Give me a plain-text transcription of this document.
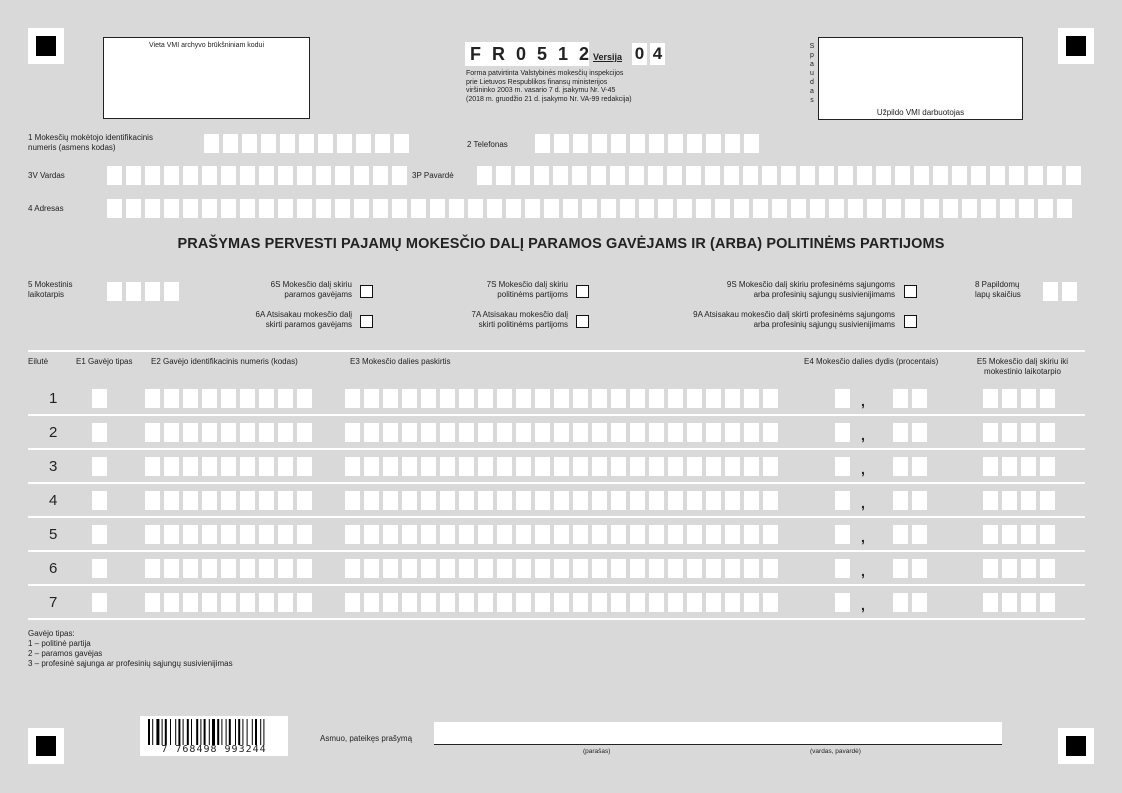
Vieta VMI archyvo brūkšniniam kodui	F R 0 5 1 2 Versija 0 4
Forma patvirtinta Valstybinės mokesčių inspekcijos
prie Lietuvos Respublikos finansų ministerijos
viršininko 2003 m. vasario 7 d. įsakymu Nr. V-45
(2018 m. gruodžio 21 d. įsakymo Nr. VA-99 redakcija)
S
p
a
u
d
a
s
Užpildo VMI darbuotojas
1 Mokesčių mokėtojo identifikacinis
numeris (asmens kodas)	2 Telefonas
3V Vardas	3P Pavardė
4 Adresas
PRAŠYMAS PERVESTI PAJAMŲ MOKESČIO DALĮ PARAMOS GAVĖJAMS IR (ARBA) POLITINĖMS PARTIJOMS
5 Mokestinis
laikotarpis
6S Mokesčio dalį skiriu
paramos gavėjams
6A Atsisakau mokesčio dalį
skirti paramos gavėjams
7S Mokesčio dalį skiriu
politinėms partijoms
7A Atsisakau mokesčio dalį
skirti politinėms partijoms
9S Mokesčio dalį skiriu profesinėms sąjungoms
arba profesinių sąjungų susivienijimams
9A Atsisakau mokesčio dalį skirti profesinėms sąjungoms
arba profesinių sąjungų susivienijimams
8 Papildomų
lapų skaičius
Eilutė	E1 Gavėjo tipas E2 Gavėjo identifikacinis numeris (kodas)	E3 Mokesčio dalies paskirtis	E4 Mokesčio dalies dydis (procentais)	E5 Mokesčio dalį skiriu iki
mokestinio laikotarpio
1	,
2	,
3	,
4	,
5	,
6	,
7	,
Gavėjo tipas:
1 – politinė partija
2 – paramos gavėjas
3 – profesinė sąjunga ar profesinių sąjungų susivienijimas
7 768498 993244
Asmuo, pateikęs prašymą
(parašas)	(vardas, pavardė)
